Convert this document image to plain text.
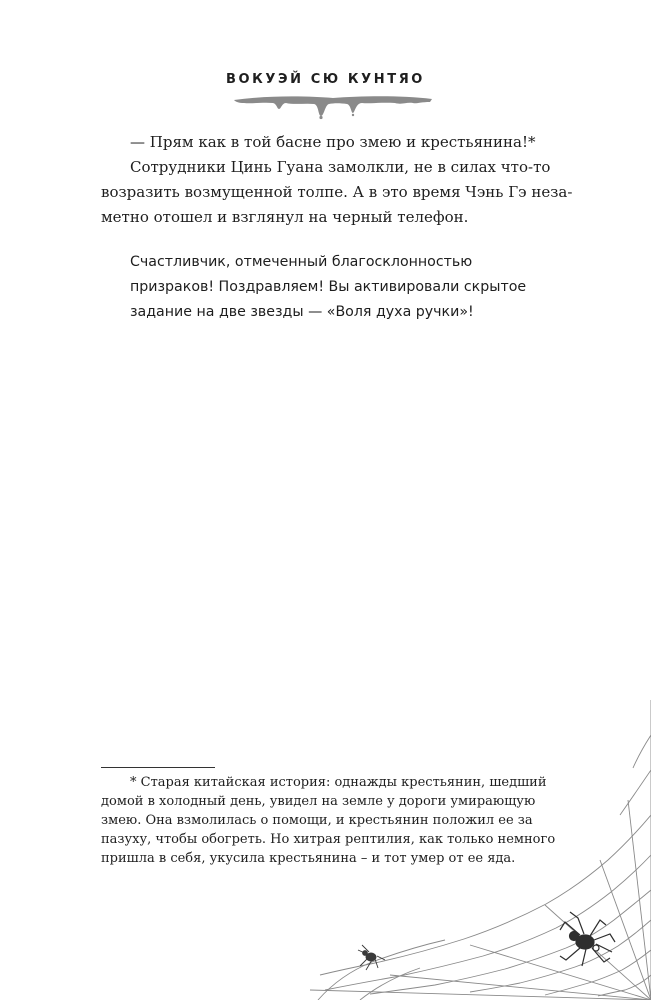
ВОКУЭЙ СЮ КУНТЯО

— Прям как в той басне про змею и крестьянина!*

Сотрудники Цинь Гуана замолкли, не в силах что-то
возразить возмущенной толпе. А в это время Чэнь Гэ неза-
метно отошел и взглянул на черный телефон.

Счастливчик, отмеченный благосклонностью
призраков! Поздравляем! Вы активировали скрытое
задание на две звезды — «Воля духа ручки»!
* Старая китайская история: однажды крестьянин, шедший
домой в холодный день, увидел на земле у дороги умирающую
змею. Она взмолилась о помощи, и крестьянин положил ее за
пазуху, чтобы обогреть. Но хитрая рептилия, как только немного
пришла в себя, укусила крестьянина – и тот умер от ее яда.
